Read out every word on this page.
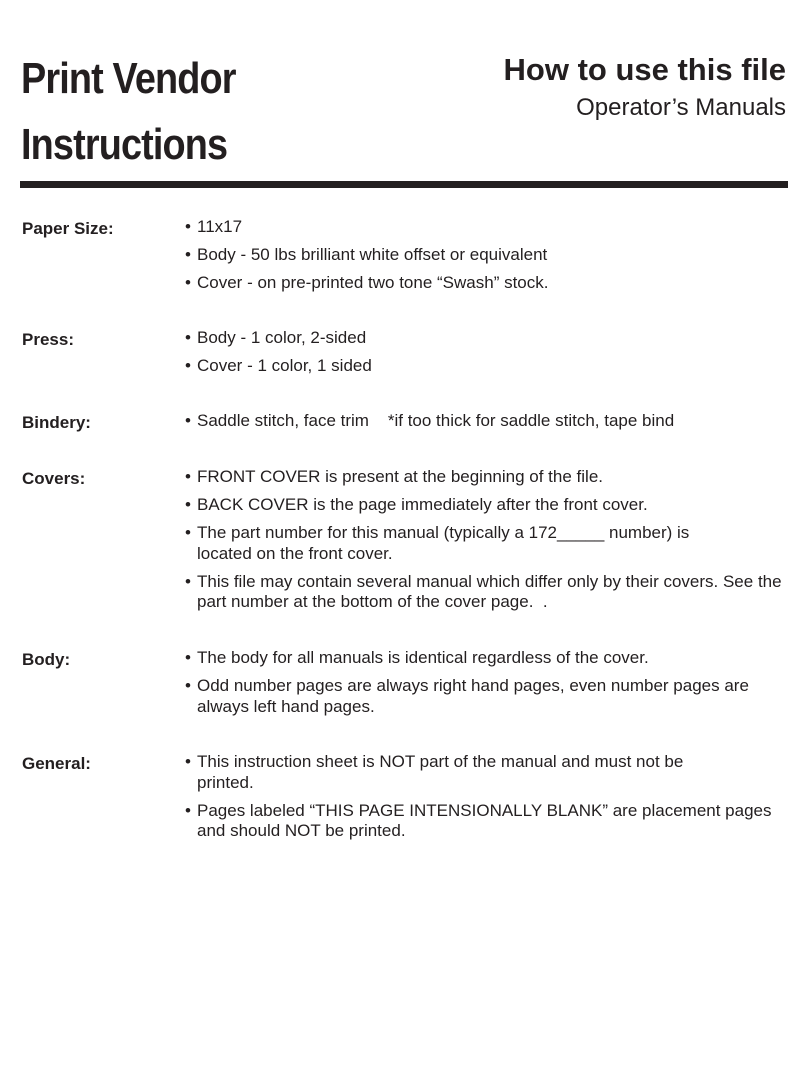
Print Vendor
Instructions
How to use this file
Operator’s Manuals
Paper Size:	• 11x17
• Body - 50 lbs brilliant white offset or equivalent
• Cover - on pre-printed two tone “Swash” stock.
Press:	• Body - 1 color, 2-sided
• Cover - 1 color, 1 sided
Bindery:	• Saddle stitch, face trim    *if too thick for saddle stitch, tape bind
Covers:	• FRONT COVER is present at the beginning of the file.
• BACK COVER is the page immediately after the front cover.
• The part number for this manual (typically a 172_____ number) is located on the front cover.
• This file may contain several manual which differ only by their covers. See the part number at the bottom of the cover page.  .
Body:	• The body for all manuals is identical regardless of the cover.
• Odd number pages are always right hand pages, even number pages are always left hand pages.
General:	• This instruction sheet is NOT part of the manual and must not be printed.
• Pages labeled “THIS PAGE INTENSIONALLY BLANK” are placement pages and should NOT be printed.
